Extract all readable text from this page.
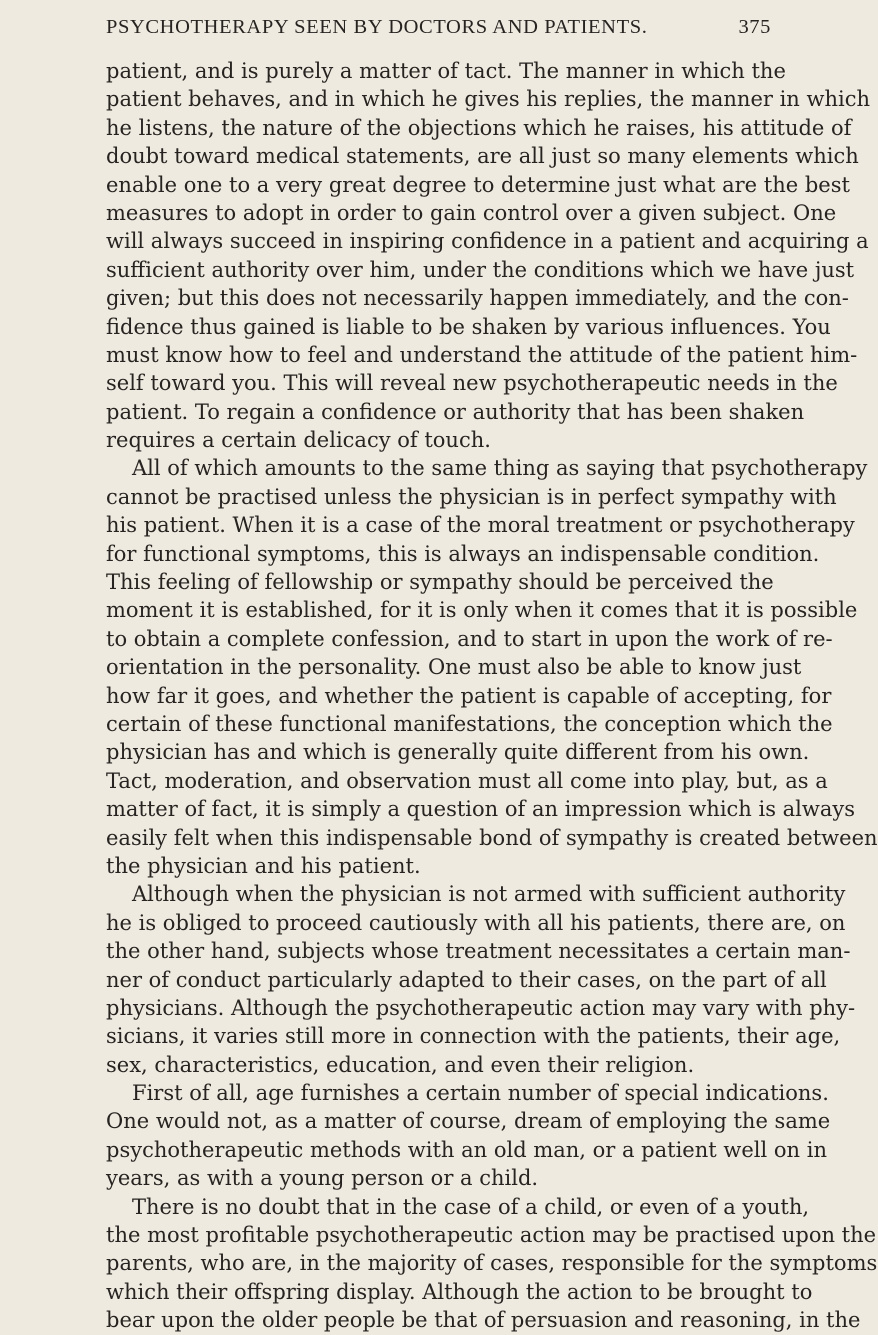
PSYCHOTHERAPY SEEN BY DOCTORS AND PATIENTS.	375
patient, and is purely a matter of tact. The manner in which the
patient behaves, and in which he gives his replies, the manner in which
he listens, the nature of the objections which he raises, his attitude of
doubt toward medical statements, are all just so many elements which
enable one to a very great degree to determine just what are the best
measures to adopt in order to gain control over a given subject. One
will always succeed in inspiring confidence in a patient and acquiring a
sufficient authority over him, under the conditions which we have just
given; but this does not necessarily happen immediately, and the con-
fidence thus gained is liable to be shaken by various influences. You
must know how to feel and understand the attitude of the patient him-
self toward you. This will reveal new psychotherapeutic needs in the
patient. To regain a confidence or authority that has been shaken
requires a certain delicacy of touch.
All of which amounts to the same thing as saying that psychotherapy
cannot be practised unless the physician is in perfect sympathy with
his patient. When it is a case of the moral treatment or psychotherapy
for functional symptoms, this is always an indispensable condition.
This feeling of fellowship or sympathy should be perceived the
moment it is established, for it is only when it comes that it is possible
to obtain a complete confession, and to start in upon the work of re-
orientation in the personality. One must also be able to know just
how far it goes, and whether the patient is capable of accepting, for
certain of these functional manifestations, the conception which the
physician has and which is generally quite different from his own.
Tact, moderation, and observation must all come into play, but, as a
matter of fact, it is simply a question of an impression which is always
easily felt when this indispensable bond of sympathy is created between
the physician and his patient.
Although when the physician is not armed with sufficient authority
he is obliged to proceed cautiously with all his patients, there are, on
the other hand, subjects whose treatment necessitates a certain man-
ner of conduct particularly adapted to their cases, on the part of all
physicians. Although the psychotherapeutic action may vary with phy-
sicians, it varies still more in connection with the patients, their age,
sex, characteristics, education, and even their religion.
First of all, age furnishes a certain number of special indications.
One would not, as a matter of course, dream of employing the same
psychotherapeutic methods with an old man, or a patient well on in
years, as with a young person or a child.
There is no doubt that in the case of a child, or even of a youth,
the most profitable psychotherapeutic action may be practised upon the
parents, who are, in the majority of cases, responsible for the symptoms
which their offspring display. Although the action to be brought to
bear upon the older people be that of persuasion and reasoning, in the
